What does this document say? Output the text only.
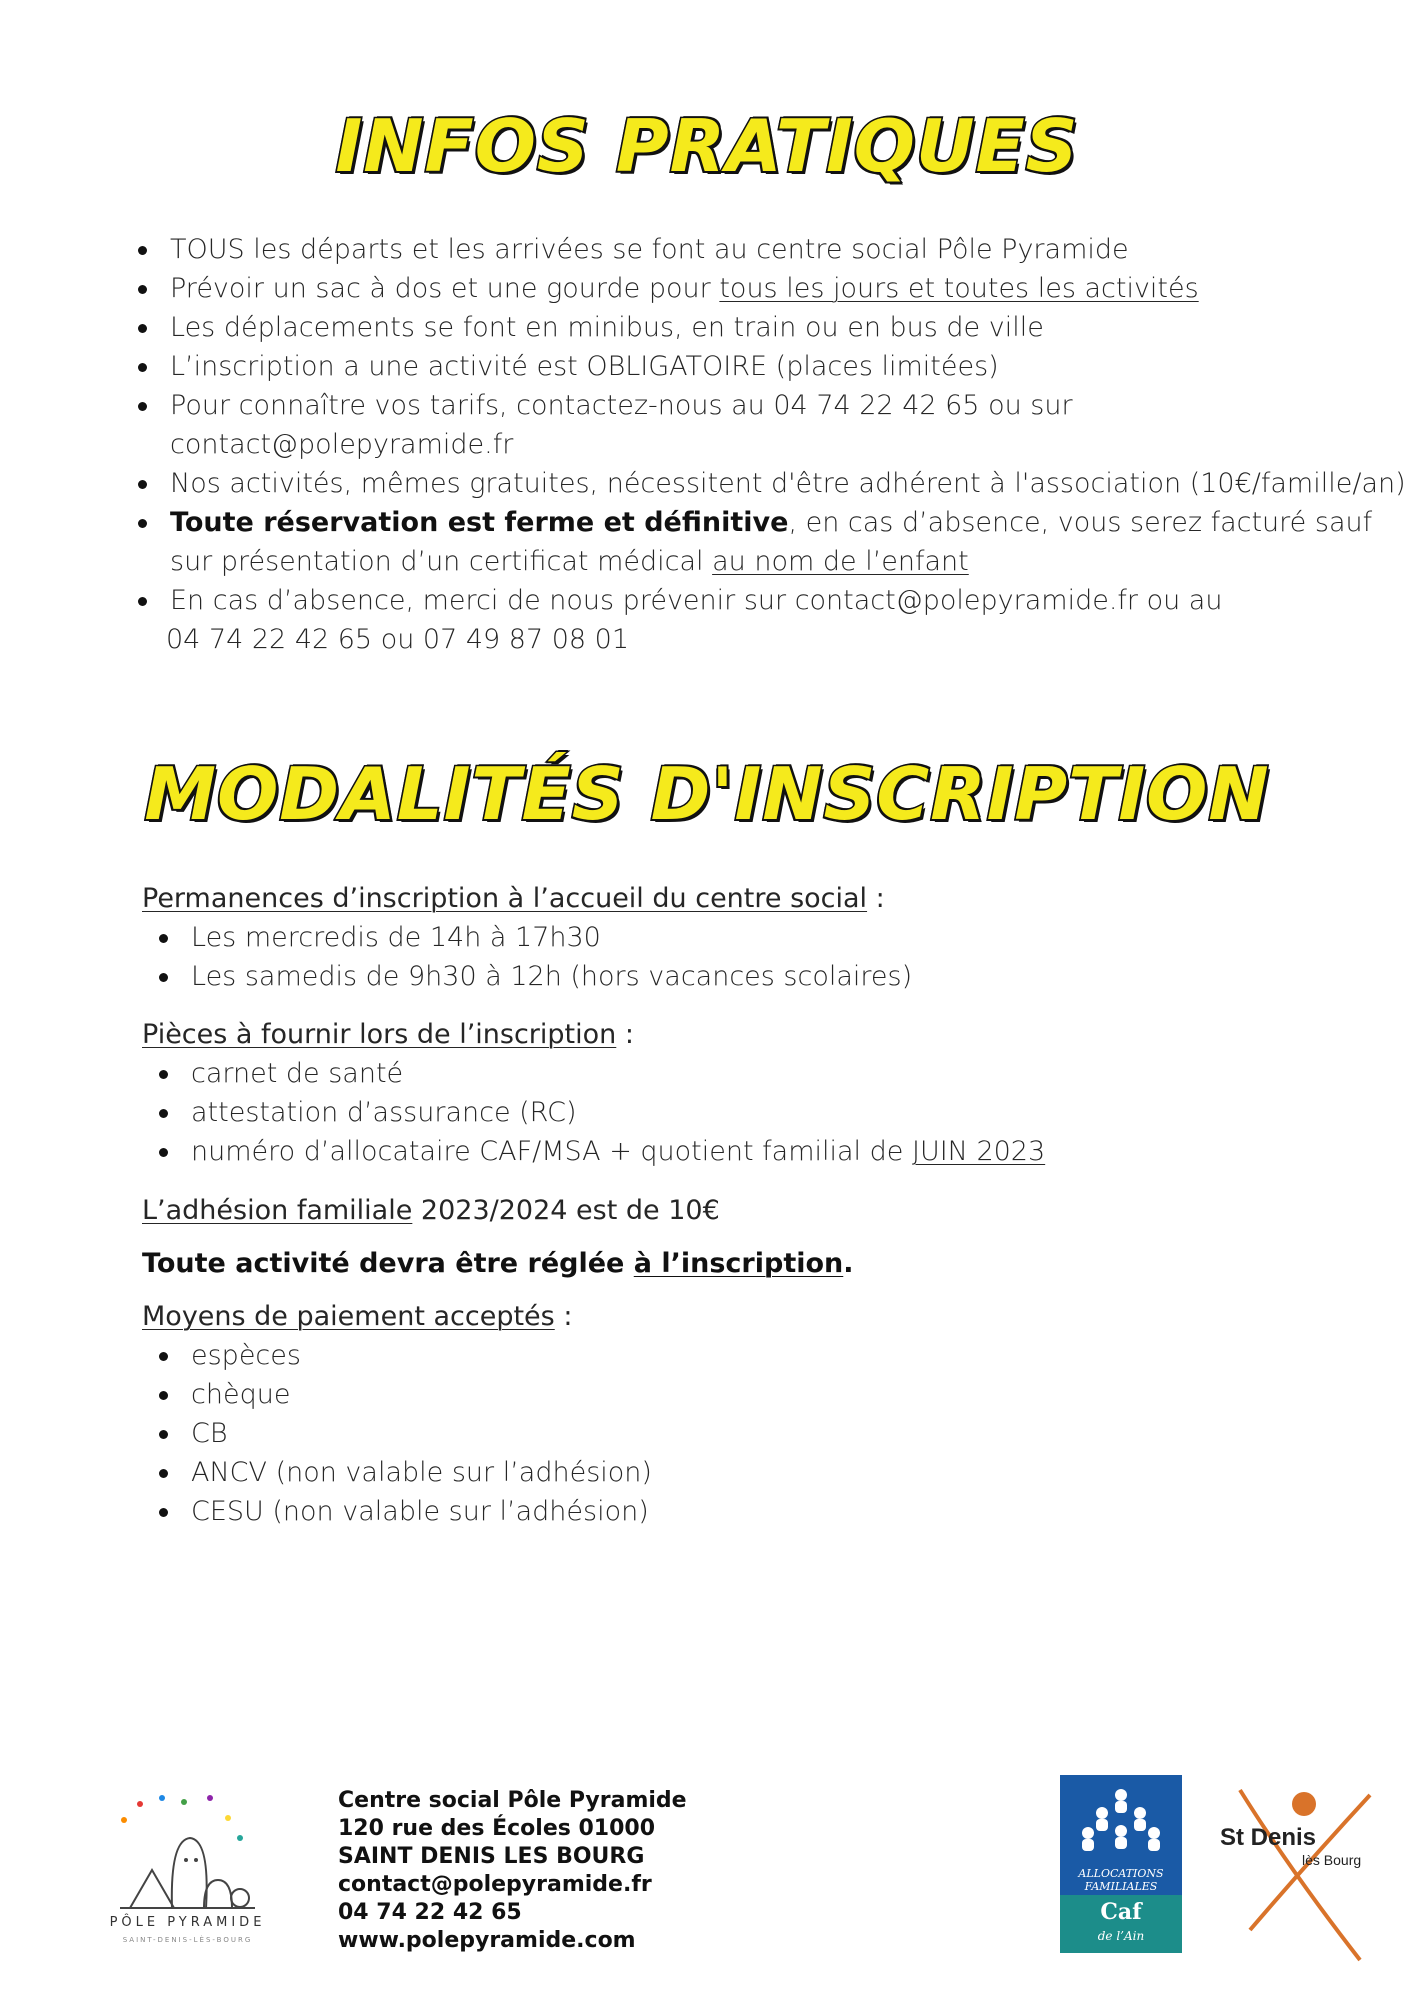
INFOS PRATIQUES
TOUS les départs et les arrivées se font au centre social Pôle Pyramide
Prévoir un sac à dos et une gourde pour tous les jours et toutes les activités
Les déplacements se font en minibus, en train ou en bus de ville
L’inscription a une activité est OBLIGATOIRE (places limitées)
Pour connaître vos tarifs, contactez-nous au 04 74 22 42 65 ou sur
contact@polepyramide.fr
Nos activités, mêmes gratuites, nécessitent d'être adhérent à l'association (10€/famille/an)
Toute réservation est ferme et définitive, en cas d’absence, vous serez facturé sauf
sur présentation d’un certificat médical au nom de l’enfant
En cas d’absence, merci de nous prévenir sur contact@polepyramide.fr ou au
04 74 22 42 65 ou 07 49 87 08 01
MODALITÉS D'INSCRIPTION
Permanences d’inscription à l’accueil du centre social :
Les mercredis de 14h à 17h30
Les samedis de 9h30 à 12h (hors vacances scolaires)
Pièces à fournir lors de l’inscription :
carnet de santé
attestation d’assurance (RC)
numéro d’allocataire CAF/MSA + quotient familial de JUIN 2023
L’adhésion familiale 2023/2024 est de 10€
Toute activité devra être réglée à l’inscription.
Moyens de paiement acceptés :
espèces
chèque
CB
ANCV (non valable sur l’adhésion)
CESU (non valable sur l’adhésion)
PÔLE PYRAMIDE
SAINT-DENIS-LÈS-BOURG
Centre social Pôle Pyramide
120 rue des Écoles 01000
SAINT DENIS LES BOURG
contact@polepyramide.fr
04 74 22 42 65
www.polepyramide.com
ALLOCATIONS
FAMILIALES
Caf
de l’Ain
St Denis
lès Bourg
